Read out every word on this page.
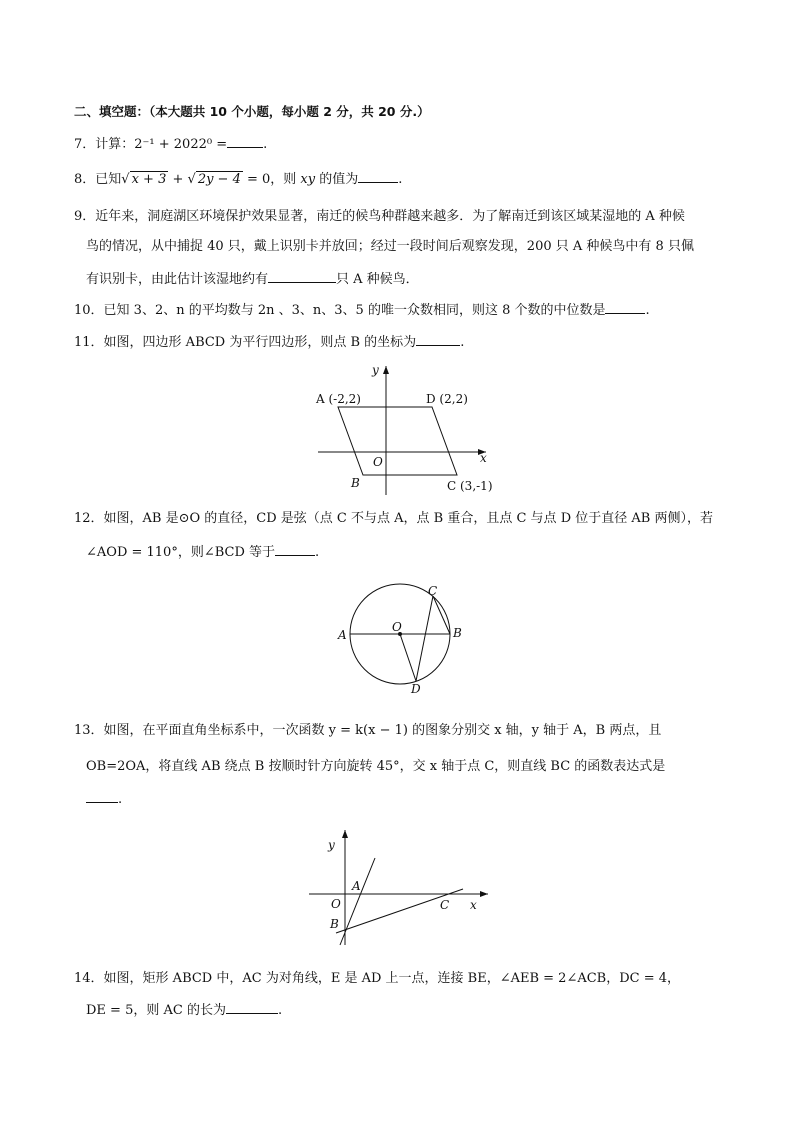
二、填空题：（本大题共 10 个小题，每小题 2 分，共 20 分.）
7．计算：2⁻¹ + 2022⁰ =	.
8．已知√ x + 3 + √ 2y − 4 = 0，则 xy 的值为	.
9．近年来，洞庭湖区环境保护效果显著，南迁的候鸟种群越来越多．为了解南迁到该区域某湿地的 A 种候
鸟的情况，从中捕捉 40 只，戴上识别卡并放回；经过一段时间后观察发现，200 只 A 种候鸟中有 8 只佩
有识别卡，由此估计该湿地约有	只 A 种候鸟．
10．已知 3、2、n 的平均数与 2n 、3、n、3、5 的唯一众数相同，则这 8 个数的中位数是	.
11．如图，四边形 ABCD 为平行四边形，则点 B 的坐标为	.
A (-2,2)	D (2,2)
B	C (3,-1)
O	x
y
12．如图，AB 是⊙O 的直径，CD 是弦（点 C 不与点 A，点 B 重合，且点 C 与点 D 位于直径 AB 两侧），若
∠AOD = 110°，则∠BCD 等于	.
A	B
C
D
O
13．如图，在平面直角坐标系中，一次函数 y = k(x − 1) 的图象分别交 x 轴，y 轴于 A，B 两点，且
OB=2OA，将直线 AB 绕点 B 按顺时针方向旋转 45°，交 x 轴于点 C，则直线 BC 的函数表达式是
.
A
B
C
O	x
y
14．如图，矩形 ABCD 中，AC 为对角线，E 是 AD 上一点，连接 BE，∠AEB = 2∠ACB，DC = 4，
DE = 5，则 AC 的长为	.
